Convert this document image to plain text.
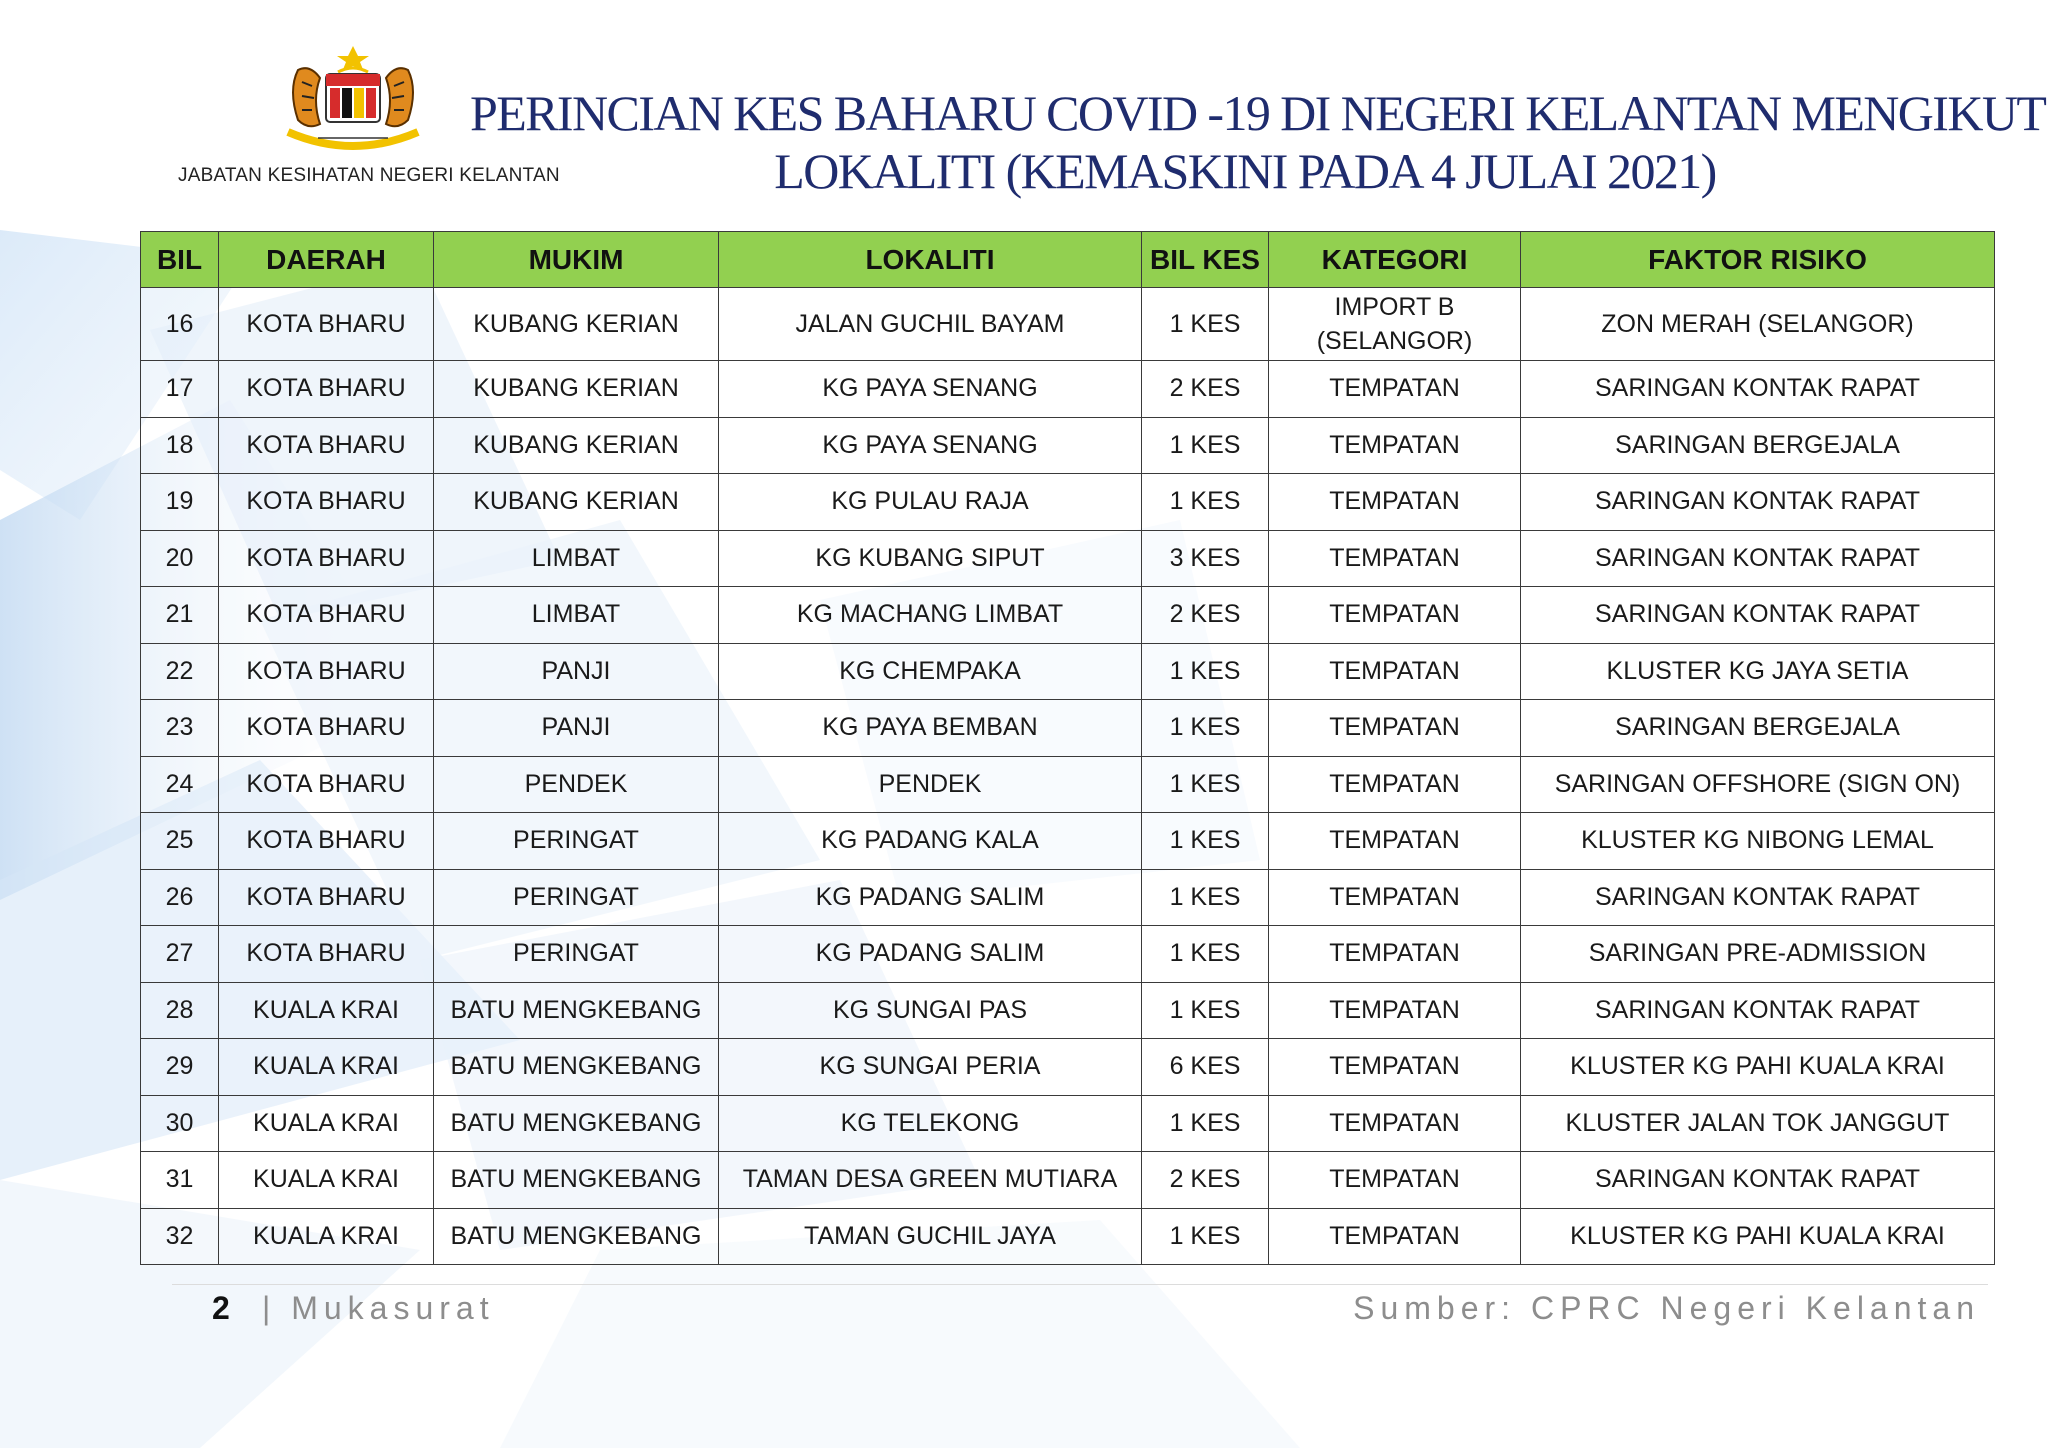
JABATAN KESIHATAN NEGERI KELANTAN
PERINCIAN KES BAHARU COVID -19 DI NEGERI KELANTAN MENGIKUT
LOKALITI (KEMASKINI PADA 4 JULAI 2021)
BIL	DAERAH	MUKIM	LOKALITI	BIL KES	KATEGORI	FAKTOR RISIKO
16	KOTA BHARU	KUBANG KERIAN	JALAN GUCHIL BAYAM	1 KES	IMPORT B (SELANGOR)	ZON MERAH (SELANGOR)
17	KOTA BHARU	KUBANG KERIAN	KG PAYA SENANG	2 KES	TEMPATAN	SARINGAN KONTAK RAPAT
18	KOTA BHARU	KUBANG KERIAN	KG PAYA SENANG	1 KES	TEMPATAN	SARINGAN BERGEJALA
19	KOTA BHARU	KUBANG KERIAN	KG PULAU RAJA	1 KES	TEMPATAN	SARINGAN KONTAK RAPAT
20	KOTA BHARU	LIMBAT	KG KUBANG SIPUT	3 KES	TEMPATAN	SARINGAN KONTAK RAPAT
21	KOTA BHARU	LIMBAT	KG MACHANG LIMBAT	2 KES	TEMPATAN	SARINGAN KONTAK RAPAT
22	KOTA BHARU	PANJI	KG CHEMPAKA	1 KES	TEMPATAN	KLUSTER KG JAYA SETIA
23	KOTA BHARU	PANJI	KG PAYA BEMBAN	1 KES	TEMPATAN	SARINGAN BERGEJALA
24	KOTA BHARU	PENDEK	PENDEK	1 KES	TEMPATAN	SARINGAN OFFSHORE (SIGN ON)
25	KOTA BHARU	PERINGAT	KG PADANG KALA	1 KES	TEMPATAN	KLUSTER KG NIBONG LEMAL
26	KOTA BHARU	PERINGAT	KG PADANG SALIM	1 KES	TEMPATAN	SARINGAN KONTAK RAPAT
27	KOTA BHARU	PERINGAT	KG PADANG SALIM	1 KES	TEMPATAN	SARINGAN PRE-ADMISSION
28	KUALA KRAI	BATU MENGKEBANG	KG SUNGAI PAS	1 KES	TEMPATAN	SARINGAN KONTAK RAPAT
29	KUALA KRAI	BATU MENGKEBANG	KG SUNGAI PERIA	6 KES	TEMPATAN	KLUSTER KG PAHI KUALA KRAI
30	KUALA KRAI	BATU MENGKEBANG	KG TELEKONG	1 KES	TEMPATAN	KLUSTER JALAN TOK JANGGUT
31	KUALA KRAI	BATU MENGKEBANG	TAMAN DESA GREEN MUTIARA	2 KES	TEMPATAN	SARINGAN KONTAK RAPAT
32	KUALA KRAI	BATU MENGKEBANG	TAMAN GUCHIL JAYA	1 KES	TEMPATAN	KLUSTER KG PAHI KUALA KRAI
2 | Mukasurat	Sumber: CPRC Negeri Kelantan
